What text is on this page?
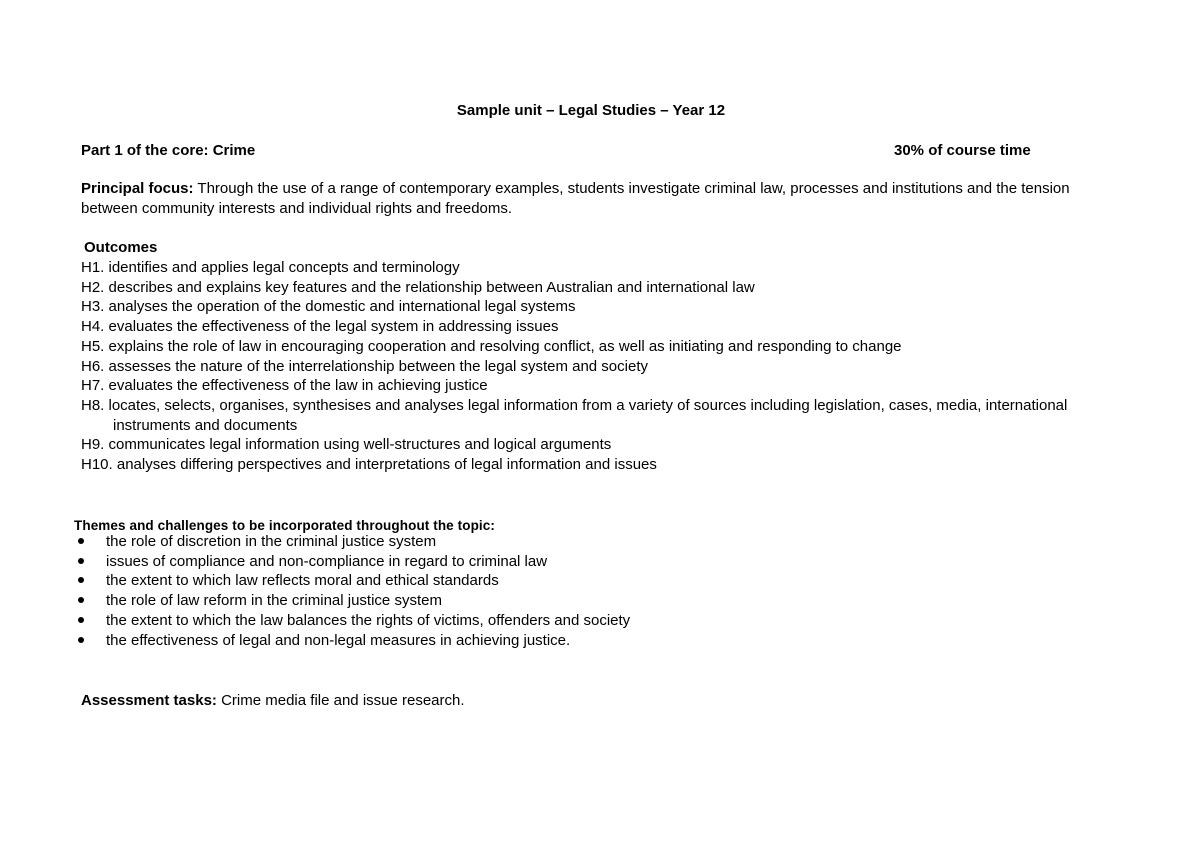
Sample unit – Legal Studies – Year 12
Part 1 of the core: Crime	30% of course time
Principal focus: Through the use of a range of contemporary examples, students investigate criminal law, processes and institutions and the tension between community interests and individual rights and freedoms.
Outcomes
H1. identifies and applies legal concepts and terminology
H2. describes and explains key features and the relationship between Australian and international law
H3. analyses the operation of the domestic and international legal systems
H4. evaluates the effectiveness of the legal system in addressing issues
H5. explains the role of law in encouraging cooperation and resolving conflict, as well as initiating and responding to change
H6. assesses the nature of the interrelationship between the legal system and society
H7. evaluates the effectiveness of the law in achieving justice
H8. locates, selects, organises, synthesises and analyses legal information from a variety of sources including legislation, cases, media, international instruments and documents
H9. communicates legal information using well-structures and logical arguments
H10. analyses differing perspectives and interpretations of legal information and issues
Themes and challenges to be incorporated throughout the topic:
the role of discretion in the criminal justice system
issues of compliance and non-compliance in regard to criminal law
the extent to which law reflects moral and ethical standards
the role of law reform in the criminal justice system
the extent to which the law balances the rights of victims, offenders and society
the effectiveness of legal and non-legal measures in achieving justice.
Assessment tasks: Crime media file and issue research.
